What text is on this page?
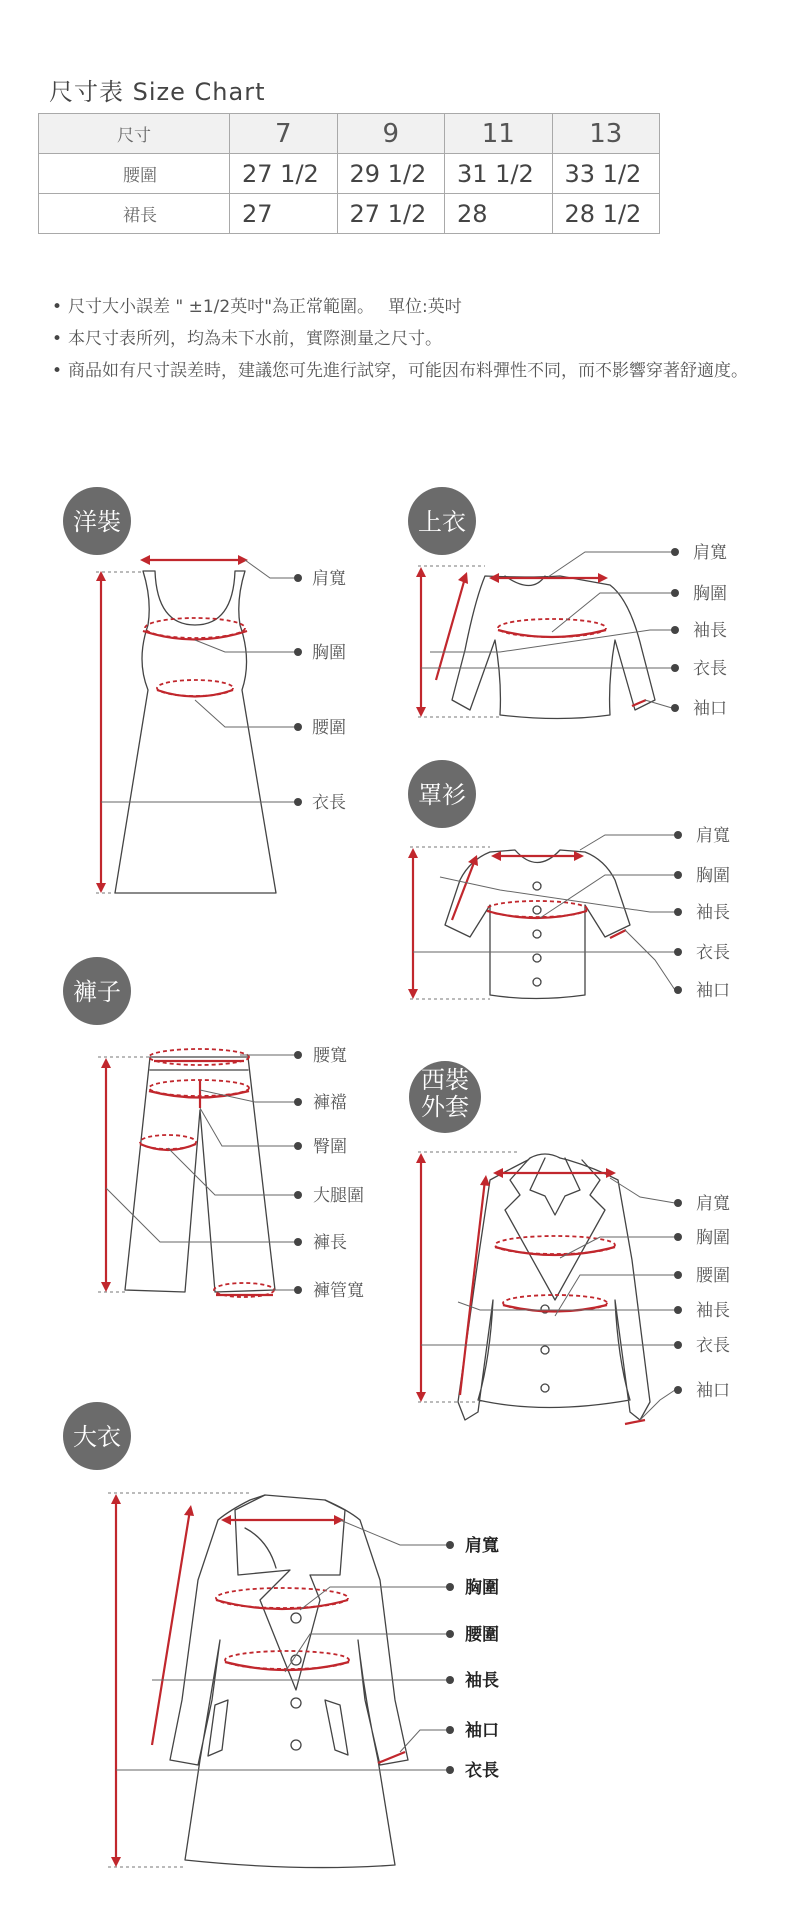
尺寸表 Size Chart
尺寸	7	9	11	13
腰圍	27 1/2	29 1/2	31 1/2	33 1/2
裙長	27	27 1/2	28	28 1/2
• 尺寸大小誤差 " ±1/2英吋"為正常範圍。 單位:英吋
• 本尺寸表所列，均為未下水前，實際測量之尺寸。
• 商品如有尺寸誤差時，建議您可先進行試穿，可能因布料彈性不同，而不影響穿著舒適度。
洋裝
肩寬
胸圍
腰圍
衣長
上衣
肩寬
胸圍
袖長
衣長
袖口
罩衫
肩寬
胸圍
袖長
衣長
袖口
褲子
腰寬
褲襠
臀圍
大腿圍
褲長
褲管寬
西裝
外套
肩寬
胸圍
腰圍
袖長
衣長
袖口
大衣
肩寬
胸圍
腰圍
袖長
袖口
衣長
